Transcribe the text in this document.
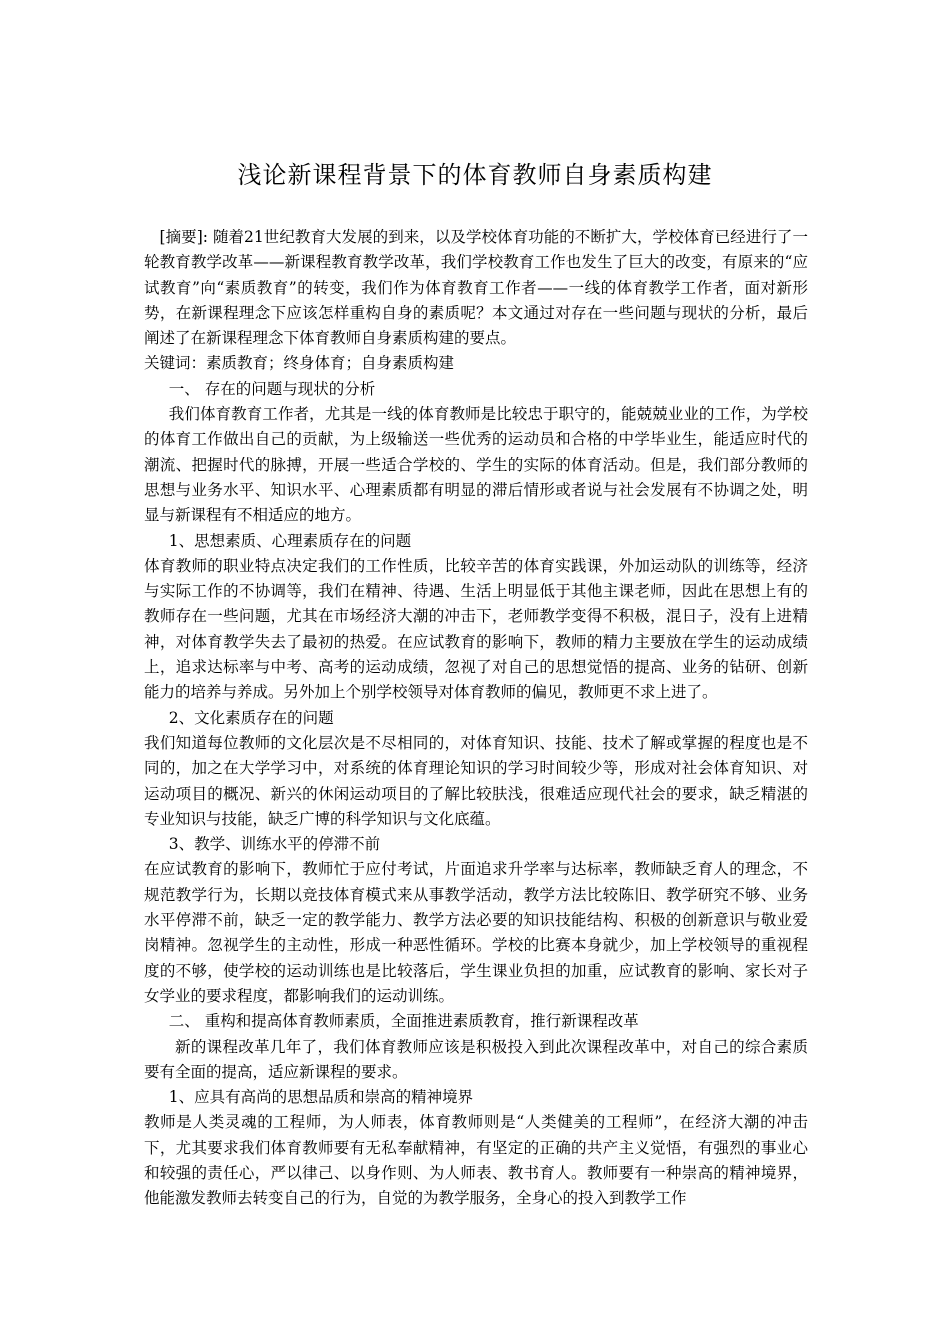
浅论新课程背景下的体育教师自身素质构建

[摘要]: 随着21世纪教育大发展的到来，以及学校体育功能的不断扩大，学校体育已经进行了一轮教育教学改革——新课程教育教学改革，我们学校教育工作也发生了巨大的改变，有原来的“应试教育”向“素质教育”的转变，我们作为体育教育工作者——一线的体育教学工作者，面对新形势，在新课程理念下应该怎样重构自身的素质呢？本文通过对存在一些问题与现状的分析，最后阐述了在新课程理念下体育教师自身素质构建的要点。

关键词：素质教育；终身体育；自身素质构建

一、 存在的问题与现状的分析

我们体育教育工作者，尤其是一线的体育教师是比较忠于职守的，能兢兢业业的工作，为学校的体育工作做出自己的贡献，为上级输送一些优秀的运动员和合格的中学毕业生，能适应时代的潮流、把握时代的脉搏，开展一些适合学校的、学生的实际的体育活动。但是，我们部分教师的思想与业务水平、知识水平、心理素质都有明显的滞后情形或者说与社会发展有不协调之处，明显与新课程有不相适应的地方。

1、思想素质、心理素质存在的问题

体育教师的职业特点决定我们的工作性质，比较辛苦的体育实践课，外加运动队的训练等，经济与实际工作的不协调等，我们在精神、待遇、生活上明显低于其他主课老师，因此在思想上有的教师存在一些问题，尤其在市场经济大潮的冲击下，老师教学变得不积极，混日子，没有上进精神，对体育教学失去了最初的热爱。在应试教育的影响下，教师的精力主要放在学生的运动成绩上，追求达标率与中考、高考的运动成绩，忽视了对自己的思想觉悟的提高、业务的钻研、创新能力的培养与养成。另外加上个别学校领导对体育教师的偏见，教师更不求上进了。

2、文化素质存在的问题

我们知道每位教师的文化层次是不尽相同的，对体育知识、技能、技术了解或掌握的程度也是不同的，加之在大学学习中，对系统的体育理论知识的学习时间较少等，形成对社会体育知识、对运动项目的概况、新兴的休闲运动项目的了解比较肤浅，很难适应现代社会的要求，缺乏精湛的专业知识与技能，缺乏广博的科学知识与文化底蕴。

3、教学、训练水平的停滞不前

在应试教育的影响下，教师忙于应付考试，片面追求升学率与达标率，教师缺乏育人的理念，不规范教学行为，长期以竞技体育模式来从事教学活动，教学方法比较陈旧、教学研究不够、业务水平停滞不前，缺乏一定的教学能力、教学方法必要的知识技能结构、积极的创新意识与敬业爱岗精神。忽视学生的主动性，形成一种恶性循环。学校的比赛本身就少，加上学校领导的重视程度的不够，使学校的运动训练也是比较落后，学生课业负担的加重，应试教育的影响、家长对子女学业的要求程度，都影响我们的运动训练。

二、 重构和提高体育教师素质，全面推进素质教育，推行新课程改革

新的课程改革几年了，我们体育教师应该是积极投入到此次课程改革中，对自己的综合素质要有全面的提高，适应新课程的要求。

1、应具有高尚的思想品质和崇高的精神境界

教师是人类灵魂的工程师，为人师表，体育教师则是“人类健美的工程师”，在经济大潮的冲击下，尤其要求我们体育教师要有无私奉献精神，有坚定的正确的共产主义觉悟，有强烈的事业心和较强的责任心，严以律己、以身作则、为人师表、教书育人。教师要有一种崇高的精神境界，他能激发教师去转变自己的行为，自觉的为教学服务，全身心的投入到教学工作
